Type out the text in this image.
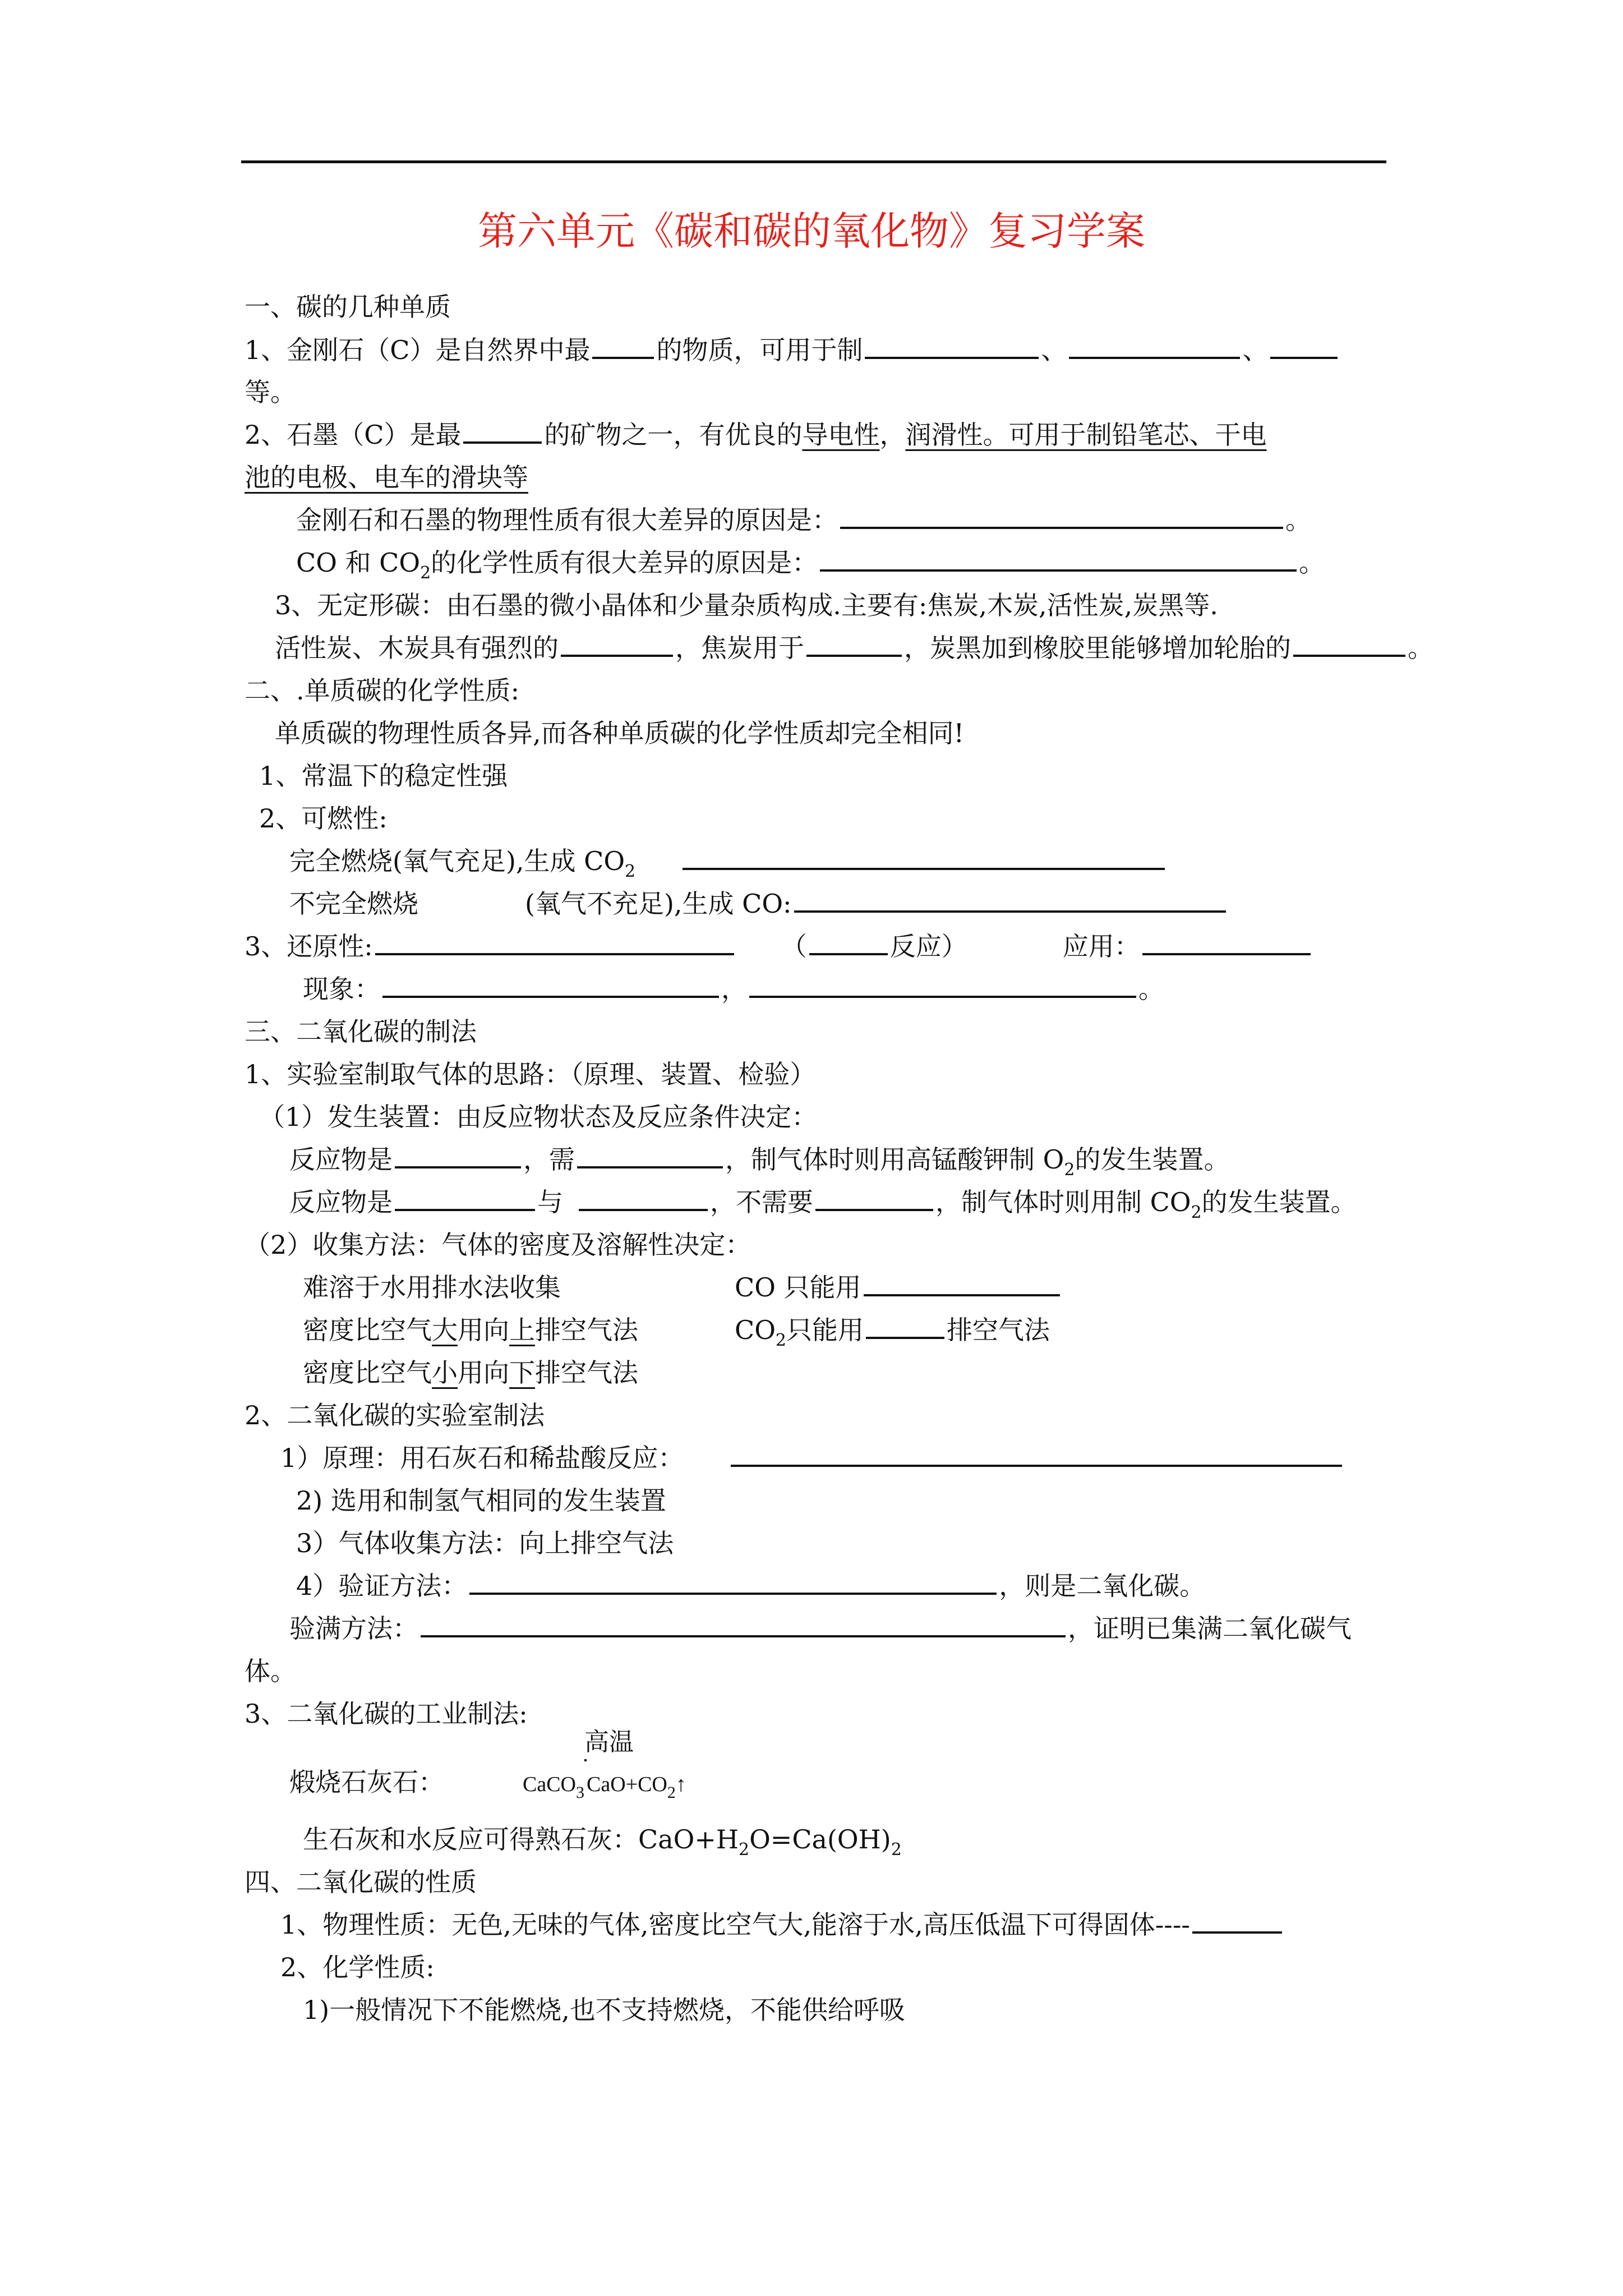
第六单元《碳和碳的氧化物》复习学案
一、碳的几种单质
1、金刚石（C）是自然界中最	的物质，可用于制	、	、
等。
2、石墨（C）是最	的矿物之一，有优良的导电性，润滑性。可用于制铅笔芯、干电
池的电极、电车的滑块等
金刚石和石墨的物理性质有很大差异的原因是：	。
CO 和 $CO_2$的化学性质有很大差异的原因是：	。
3、无定形碳：由石墨的微小晶体和少量杂质构成.主要有:焦炭,木炭,活性炭,炭黑等.
活性炭、木炭具有强烈的	，焦炭用于	，炭黑加到橡胶里能够增加轮胎的	。
二、.单质碳的化学性质:
单质碳的物理性质各异,而各种单质碳的化学性质却完全相同!
1、常温下的稳定性强
2、可燃性:
完全燃烧(氧气充足),生成 $CO_2$
不完全燃烧	(氧气不充足),生成 CO:
3、还原性:	（	反应）	应用：
现象：	，	。
三、二氧化碳的制法
1、实验室制取气体的思路：（原理、装置、检验）
（1）发生装置：由反应物状态及反应条件决定：
反应物是	，需	，制气体时则用高锰酸钾制 $O_2$的发生装置。
反应物是	与	，不需要	，制气体时则用制 $CO_2$的发生装置。
（2）收集方法：气体的密度及溶解性决定：
难溶于水用排水法收集	CO 只能用
密度比空气大用向上排空气法	$CO_2$只能用	排空气法
密度比空气小用向下排空气法
2、二氧化碳的实验室制法
1）原理：用石灰石和稀盐酸反应：
2) 选用和制氢气相同的发生装置
3）气体收集方法：向上排空气法
4）验证方法：	，则是二氧化碳。
验满方法：	，证明已集满二氧化碳气
体。
3、二氧化碳的工业制法:
煅烧石灰石：	CaCO$_3$
高温
$CaO+CO_2↑$
生石灰和水反应可得熟石灰：$CaO+H_2O=Ca(OH)_2$
四、二氧化碳的性质
1、物理性质：无色,无味的气体,密度比空气大,能溶于水,高压低温下可得固体----
2、化学性质:
1)一般情况下不能燃烧,也不支持燃烧，不能供给呼吸
